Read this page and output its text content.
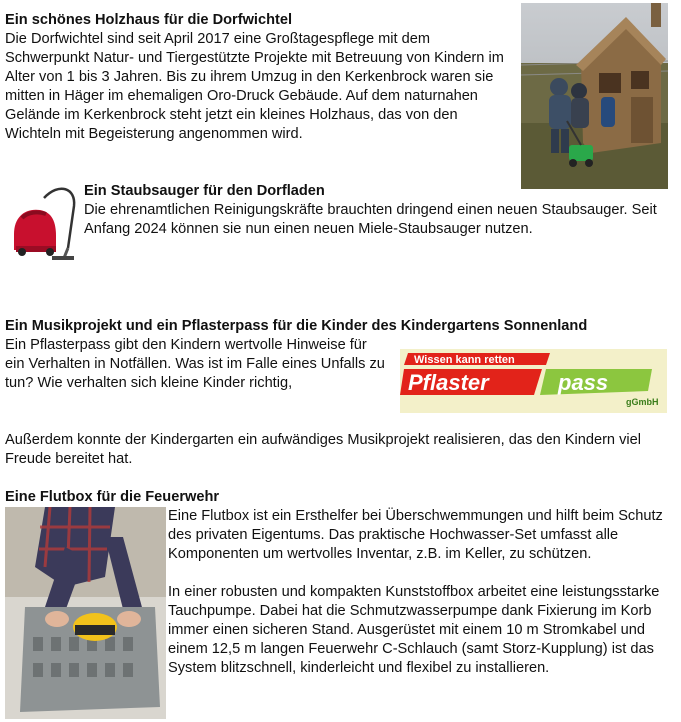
Ein schönes Holzhaus für die Dorfwichtel

Die Dorfwichtel sind seit April 2017 eine Großtagespflege mit dem Schwerpunkt Natur- und Tiergestützte Projekte mit Betreuung von Kindern im Alter von 1 bis 3 Jahren. Bis zu ihrem Umzug in den Kerkenbrock waren sie mitten in Häger im ehemaligen Oro-Druck Gebäude. Auf dem naturnahen Gelände im Kerkenbrock steht jetzt ein kleines Holzhaus, das von den Wichteln mit Begeisterung angenommen wird.

Ein Staubsauger für den Dorfladen

Die ehrenamtlichen Reinigungskräfte brauchten dringend einen neuen Staubsauger. Seit Anfang 2024 können sie nun einen neuen Miele-Staubsauger nutzen.

Ein Musikprojekt und ein Pflasterpass für die Kinder des Kindergartens Sonnenland

Ein Pflasterpass gibt den Kindern wertvolle Hinweise für ein Verhalten in Notfällen. Was ist im Falle eines Unfalls zu tun? Wie verhalten sich kleine Kinder richtig,

Wissen kann retten
Pflaster	pass
gGmbH

Außerdem konnte der Kindergarten ein aufwändiges Musikprojekt realisieren, das den Kindern viel Freude bereitet hat.

Eine Flutbox für die Feuerwehr

Eine Flutbox ist ein Ersthelfer bei Überschwemmungen und hilft beim Schutz des privaten Eigentums. Das praktische Hochwasser-Set umfasst alle Komponenten um wertvolles Inventar, z.B. im Keller, zu schützen.

In einer robusten und kompakten Kunststoffbox arbeitet eine leistungsstarke Tauchpumpe. Dabei hat die Schmutzwasserpumpe dank Fixierung im Korb immer einen sicheren Stand. Ausgerüstet mit einem 10 m Stromkabel und einem 12,5 m langen Feuerwehr C-Schlauch (samt Storz-Kupplung) ist das System blitzschnell, kinderleicht und flexibel zu installieren.
